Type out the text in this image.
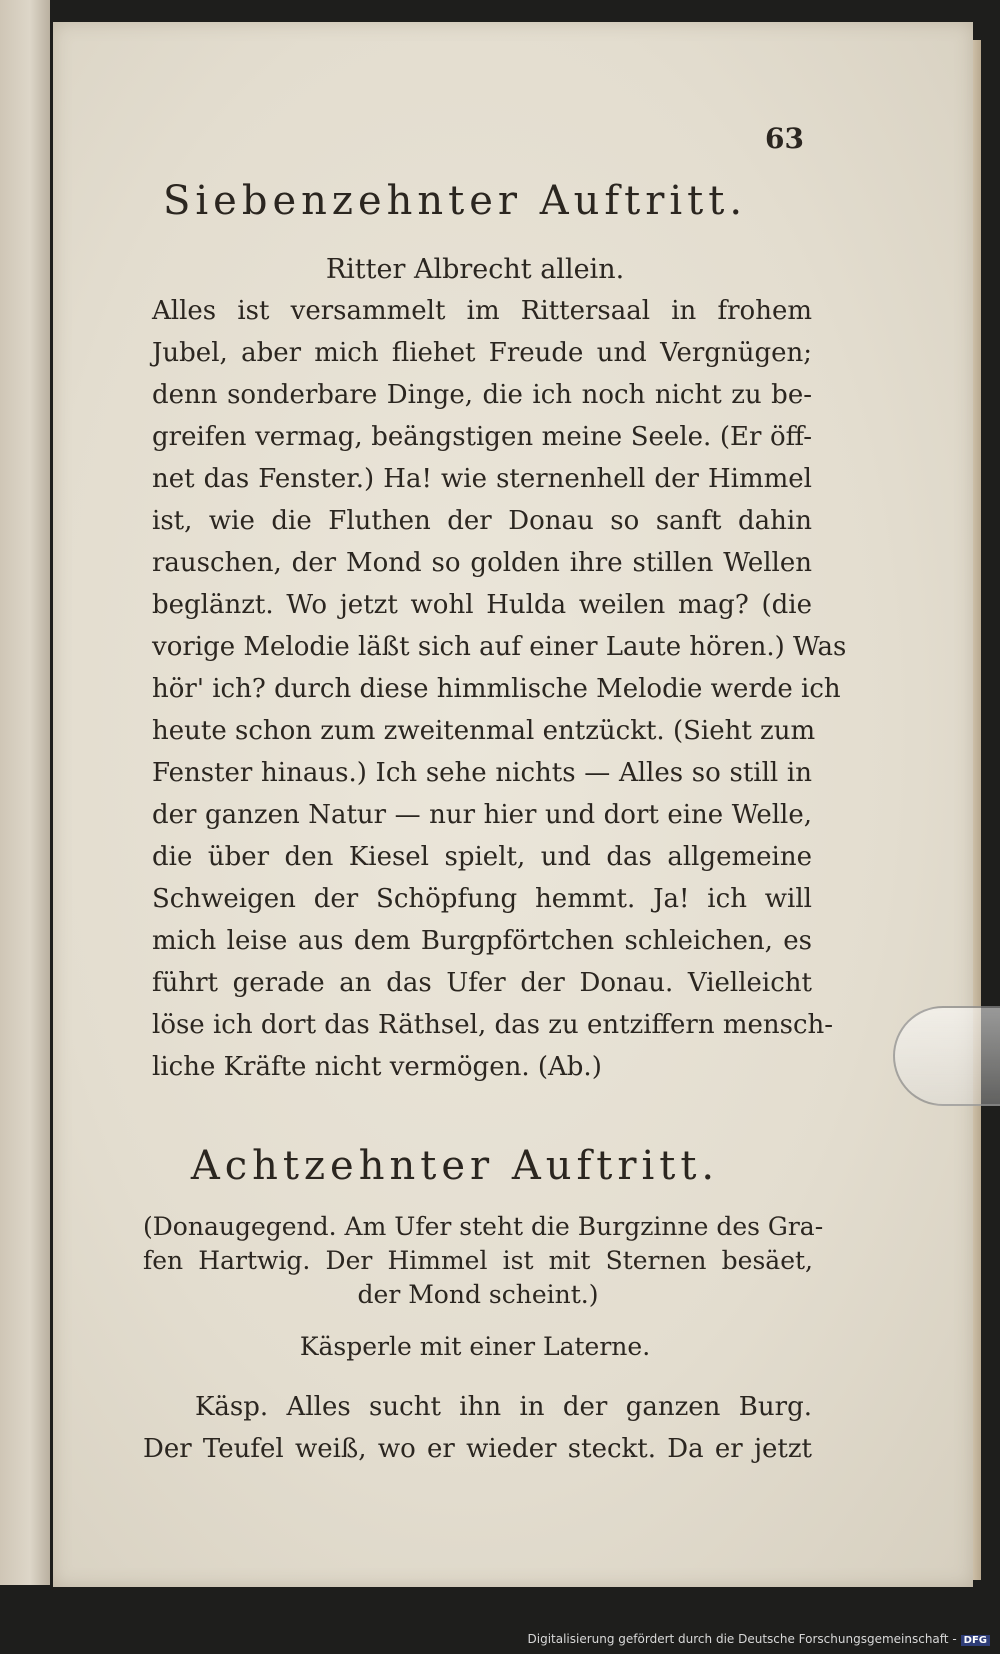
63
Siebenzehnter Auftritt.
Ritter Albrecht allein.
Alles ist versammelt im Rittersaal in frohem
Jubel, aber mich fliehet Freude und Vergnügen;
denn sonderbare Dinge, die ich noch nicht zu be-
greifen vermag, beängstigen meine Seele. (Er öff-
net das Fenster.) Ha! wie sternenhell der Himmel
ist, wie die Fluthen der Donau so sanft dahin
rauschen, der Mond so golden ihre stillen Wellen
beglänzt. Wo jetzt wohl Hulda weilen mag? (die
vorige Melodie läßt sich auf einer Laute hören.) Was
hör' ich? durch diese himmlische Melodie werde ich
heute schon zum zweitenmal entzückt. (Sieht zum
Fenster hinaus.) Ich sehe nichts — Alles so still in
der ganzen Natur — nur hier und dort eine Welle,
die über den Kiesel spielt, und das allgemeine
Schweigen der Schöpfung hemmt. Ja! ich will
mich leise aus dem Burgpförtchen schleichen, es
führt gerade an das Ufer der Donau. Vielleicht
löse ich dort das Räthsel, das zu entziffern mensch-
liche Kräfte nicht vermögen. (Ab.)
Achtzehnter Auftritt.
(Donaugegend. Am Ufer steht die Burgzinne des Gra-
fen Hartwig. Der Himmel ist mit Sternen besäet,
der Mond scheint.)
Käsperle mit einer Laterne.
Käsp. Alles sucht ihn in der ganzen Burg.
Der Teufel weiß, wo er wieder steckt. Da er jetzt
Digitalisierung gefördert durch die Deutsche Forschungsgemeinschaft - DFG
